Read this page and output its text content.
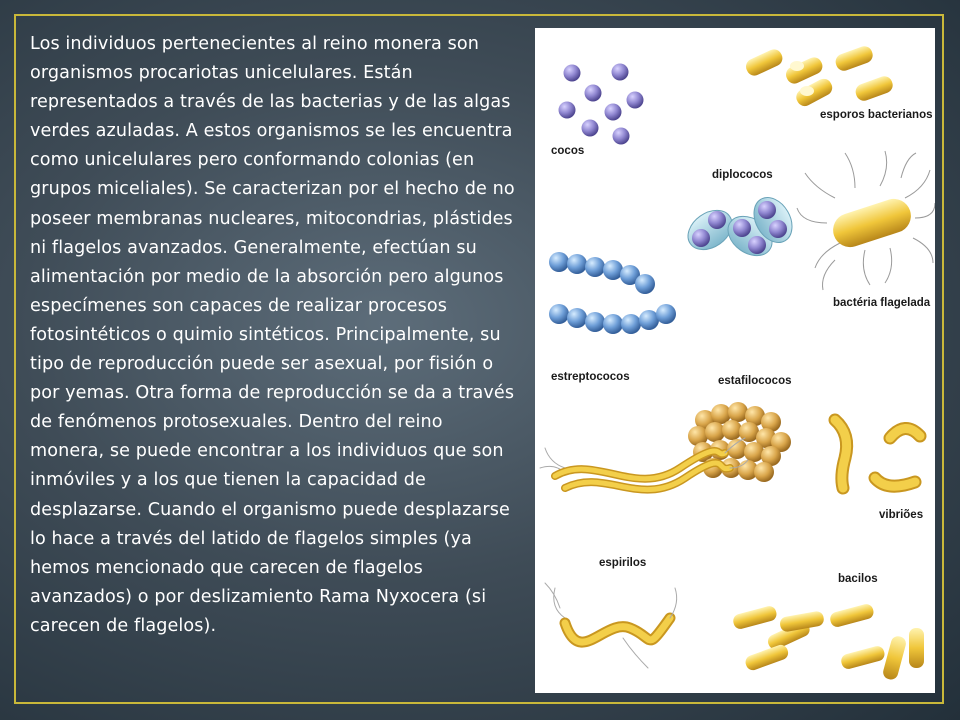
Los individuos pertenecientes al reino monera son organismos procariotas unicelulares. Están representados a través de las bacterias y de las algas verdes azuladas. A estos organismos se les encuentra como unicelulares pero conformando colonias (en grupos miceliales). Se caracterizan por el hecho de no poseer membranas nucleares, mitocondrias, plástides ni flagelos avanzados. Generalmente, efectúan su alimentación por medio de la absorción pero algunos especímenes son capaces de realizar procesos fotosintéticos o quimio sintéticos. Principalmente, su tipo de reproducción puede ser asexual, por fisión o por yemas. Otra forma de reproducción se da a través de fenómenos protosexuales. Dentro del reino monera, se puede encontrar a los individuos que son inmóviles y a los que tienen la capacidad de desplazarse. Cuando el organismo puede desplazarse lo hace a través del latido de flagelos simples (ya hemos mencionado que carecen de flagelos avanzados) o por deslizamiento Rama Nyxocera (si carecen de flagelos).

cocos
esporos bacterianos
diplococos
bactéria flagelada
estreptococos	estafilococos
vibriões
espirilos
bacilos
